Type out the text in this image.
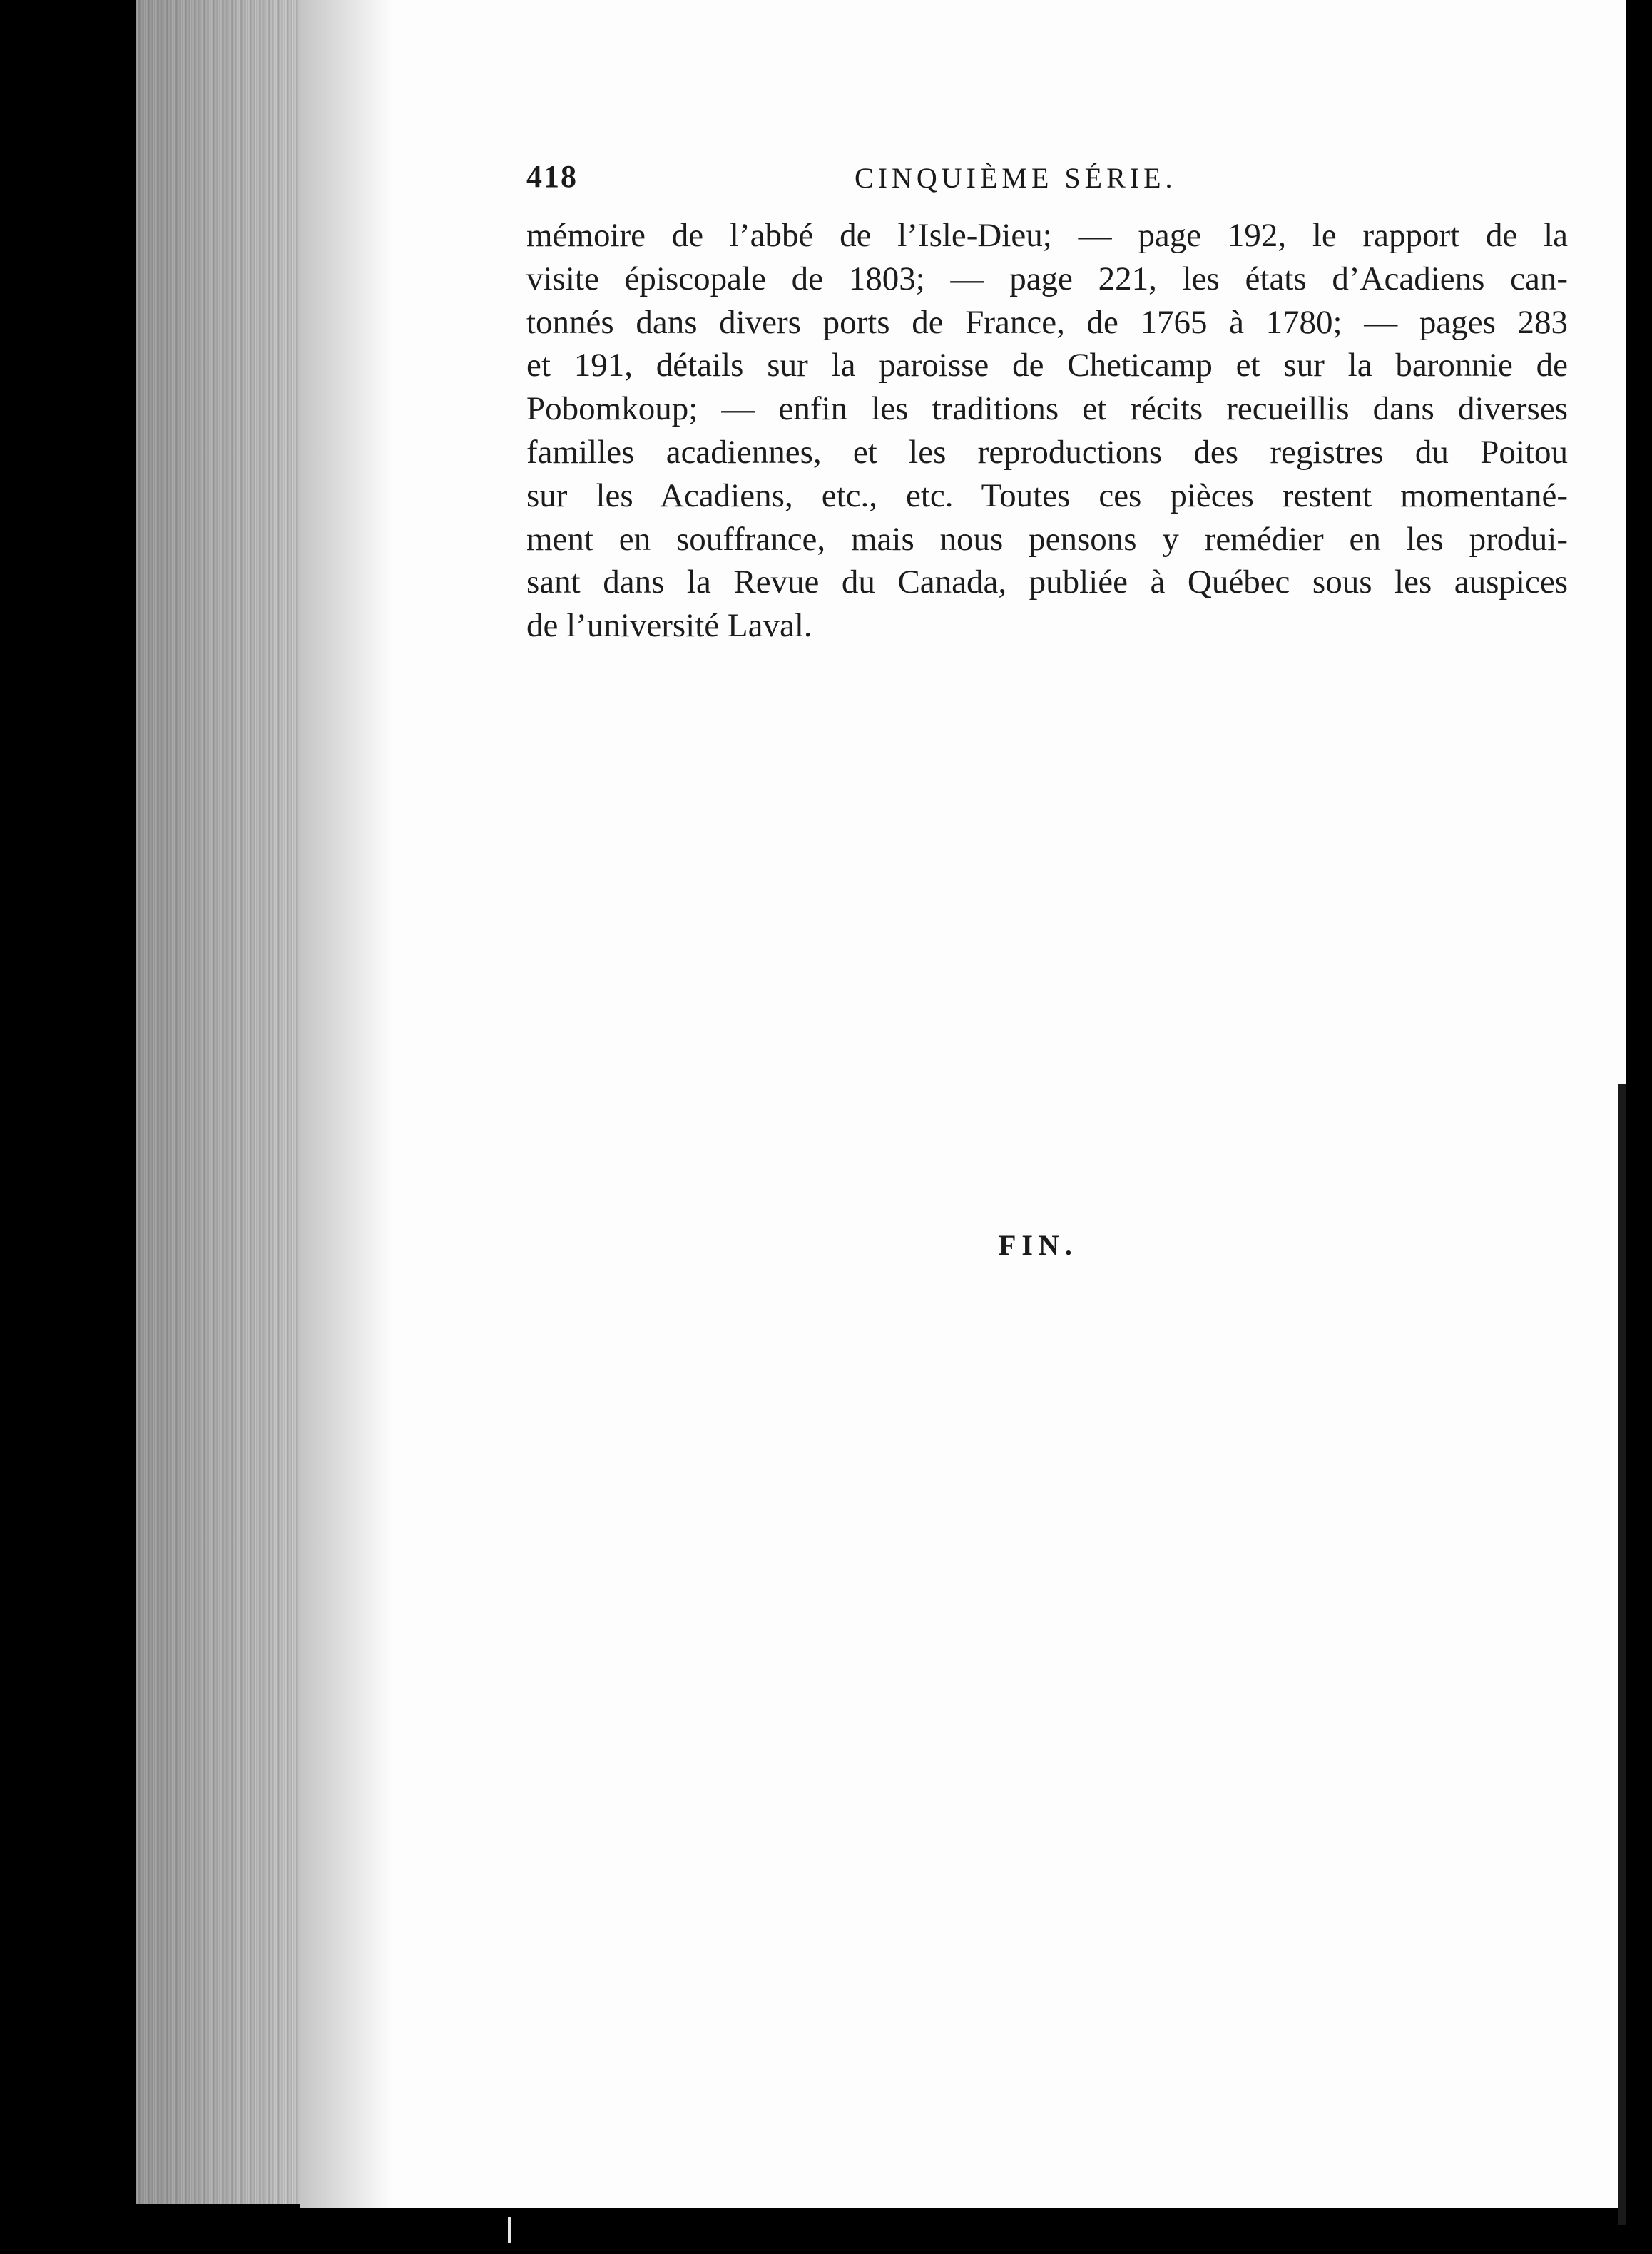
418	CINQUIÈME SÉRIE.
mémoire de l’abbé de l’Isle-Dieu; — page 192, le rapport de la
visite épiscopale de 1803; — page 221, les états d’Acadiens can-
tonnés dans divers ports de France, de 1765 à 1780; — pages 283
et 191, détails sur la paroisse de Cheticamp et sur la baronnie de
Pobomkoup; — enfin les traditions et récits recueillis dans diverses
familles acadiennes, et les reproductions des registres du Poitou
sur les Acadiens, etc., etc. Toutes ces pièces restent momentané-
ment en souffrance, mais nous pensons y remédier en les produi-
sant dans la Revue du Canada, publiée à Québec sous les auspices
de l’université Laval.
FIN.
